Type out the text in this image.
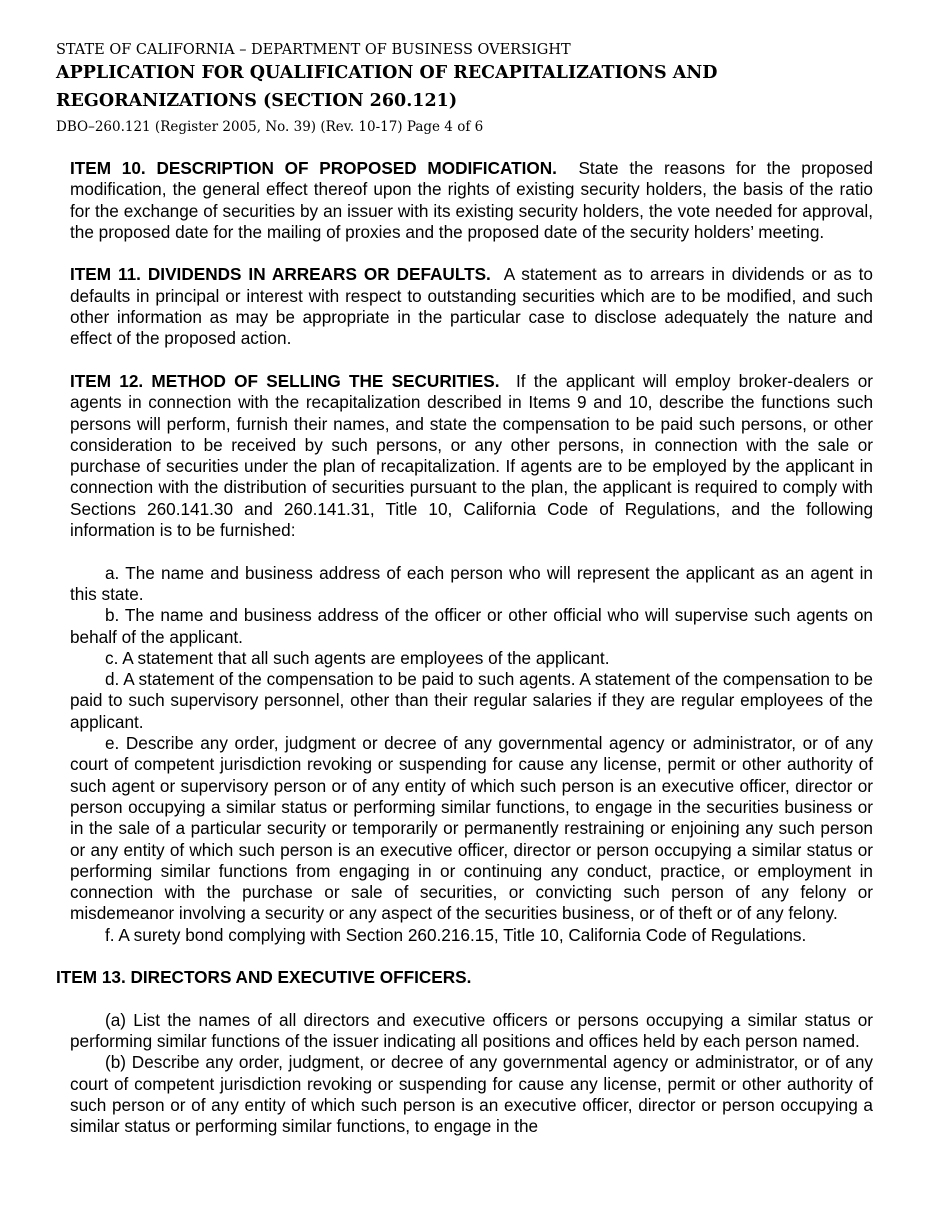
STATE OF CALIFORNIA – DEPARTMENT OF BUSINESS OVERSIGHT
APPLICATION FOR QUALIFICATION OF RECAPITALIZATIONS AND
REGORANIZATIONS (SECTION 260.121)
DBO–260.121 (Register 2005, No. 39) (Rev. 10-17) Page 4 of 6

ITEM 10. DESCRIPTION OF PROPOSED MODIFICATION. State the reasons for the proposed modification, the general effect thereof upon the rights of existing security holders, the basis of the ratio for the exchange of securities by an issuer with its existing security holders, the vote needed for approval, the proposed date for the mailing of proxies and the proposed date of the security holders’ meeting.

ITEM 11. DIVIDENDS IN ARREARS OR DEFAULTS. A statement as to arrears in dividends or as to defaults in principal or interest with respect to outstanding securities which are to be modified, and such other information as may be appropriate in the particular case to disclose adequately the nature and effect of the proposed action.

ITEM 12. METHOD OF SELLING THE SECURITIES. If the applicant will employ broker-dealers or agents in connection with the recapitalization described in Items 9 and 10, describe the functions such persons will perform, furnish their names, and state the compensation to be paid such persons, or other consideration to be received by such persons, or any other persons, in connection with the sale or purchase of securities under the plan of recapitalization. If agents are to be employed by the applicant in connection with the distribution of securities pursuant to the plan, the applicant is required to comply with Sections 260.141.30 and 260.141.31, Title 10, California Code of Regulations, and the following information is to be furnished:

a. The name and business address of each person who will represent the applicant as an agent in this state.

b. The name and business address of the officer or other official who will supervise such agents on behalf of the applicant.

c. A statement that all such agents are employees of the applicant.

d. A statement of the compensation to be paid to such agents. A statement of the compensation to be paid to such supervisory personnel, other than their regular salaries if they are regular employees of the applicant.

e. Describe any order, judgment or decree of any governmental agency or administrator, or of any court of competent jurisdiction revoking or suspending for cause any license, permit or other authority of such agent or supervisory person or of any entity of which such person is an executive officer, director or person occupying a similar status or performing similar functions, to engage in the securities business or in the sale of a particular security or temporarily or permanently restraining or enjoining any such person or any entity of which such person is an executive officer, director or person occupying a similar status or performing similar functions from engaging in or continuing any conduct, practice, or employment in connection with the purchase or sale of securities, or convicting such person of any felony or misdemeanor involving a security or any aspect of the securities business, or of theft or of any felony.

f. A surety bond complying with Section 260.216.15, Title 10, California Code of Regulations.

ITEM 13. DIRECTORS AND EXECUTIVE OFFICERS.

(a) List the names of all directors and executive officers or persons occupying a similar status or performing similar functions of the issuer indicating all positions and offices held by each person named.

(b) Describe any order, judgment, or decree of any governmental agency or administrator, or of any court of competent jurisdiction revoking or suspending for cause any license, permit or other authority of such person or of any entity of which such person is an executive officer, director or person occupying a similar status or performing similar functions, to engage in the
